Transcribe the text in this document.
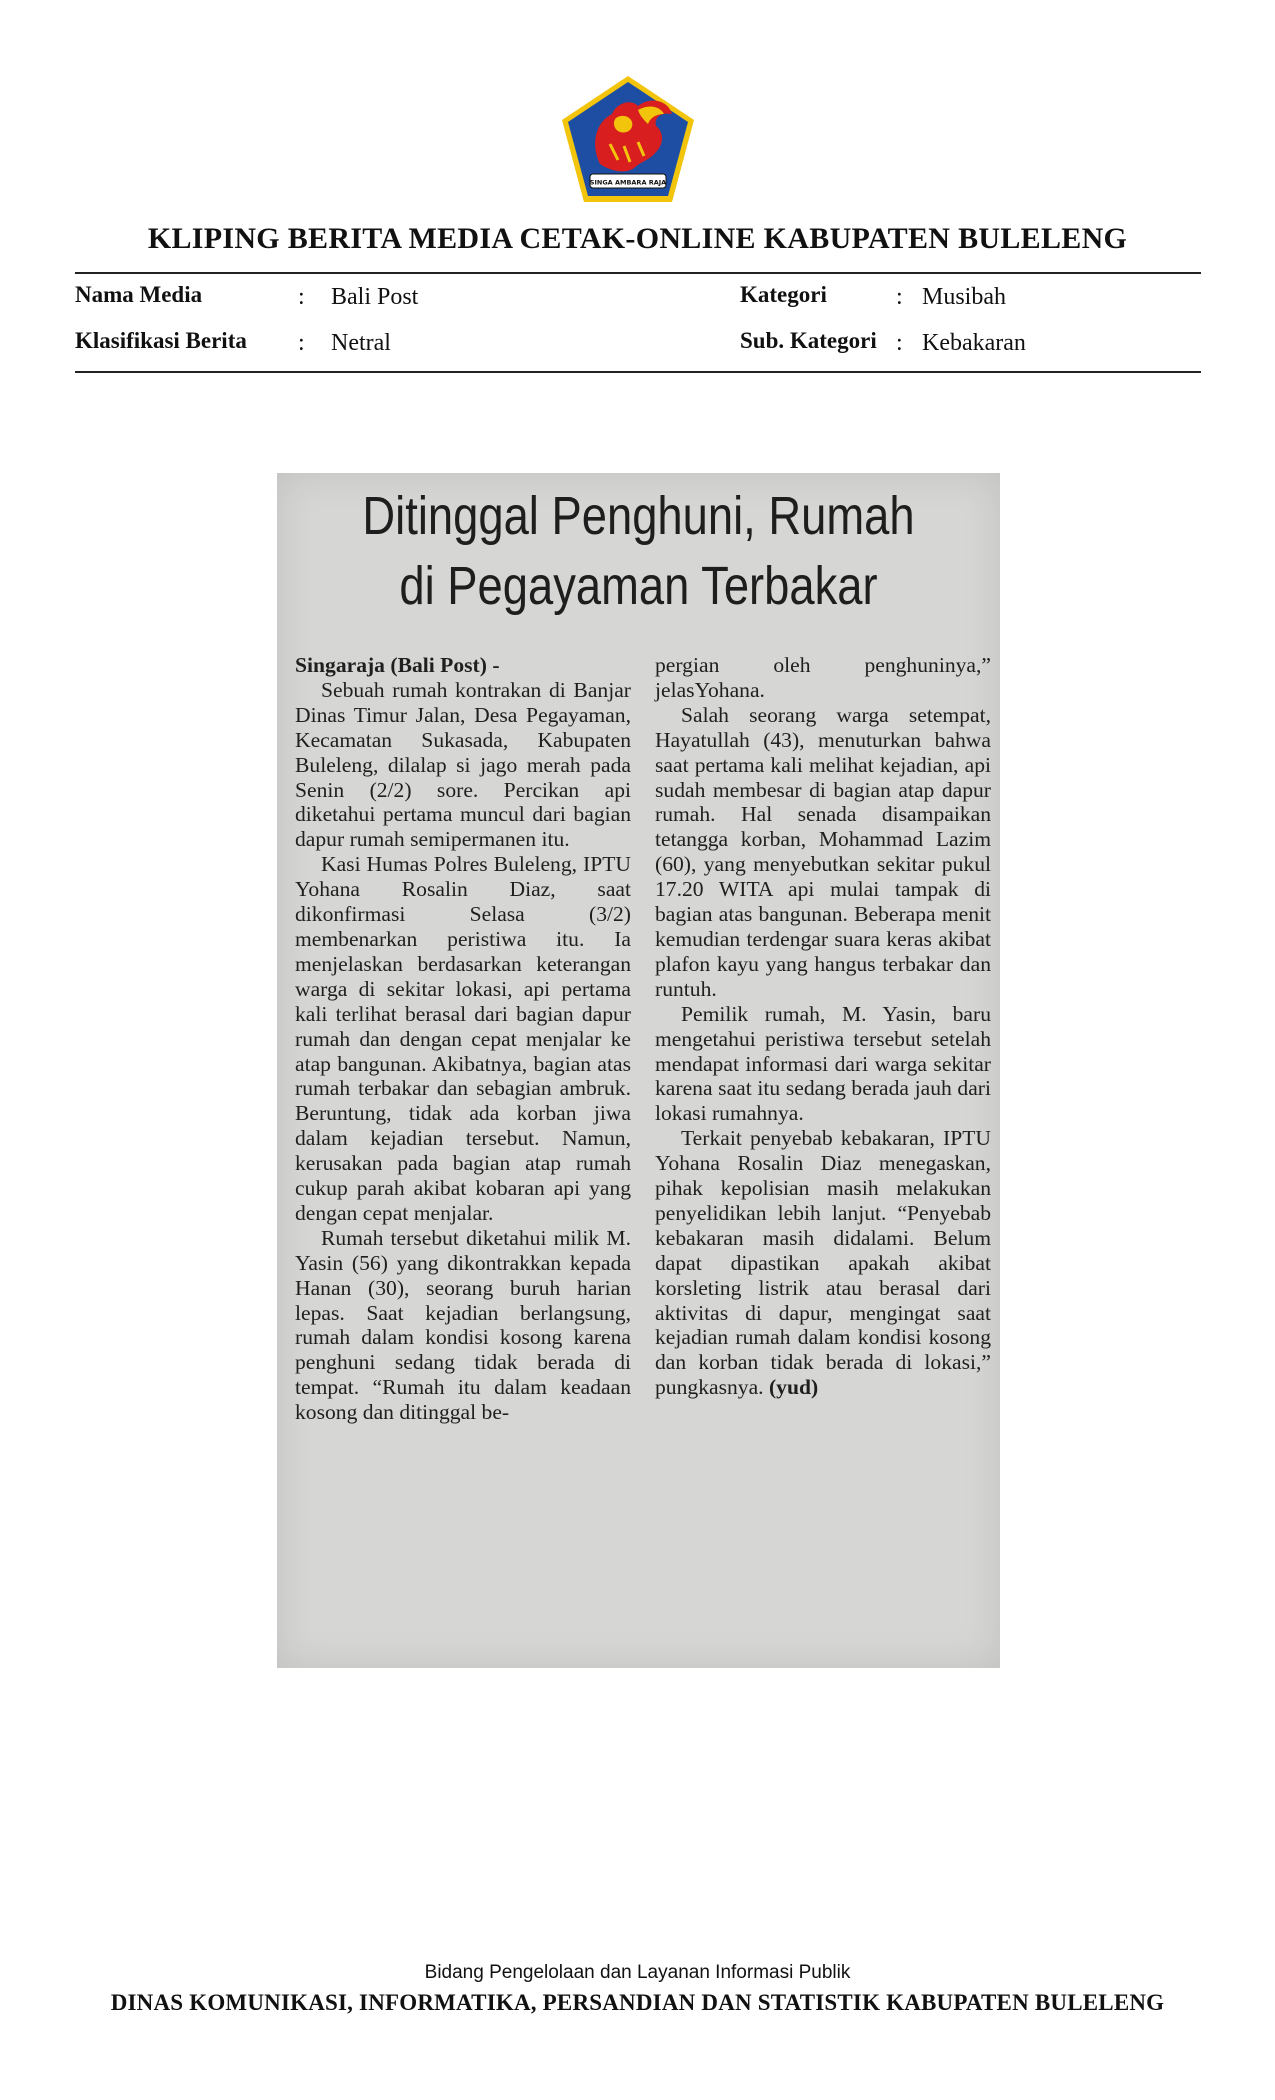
SINGA AMBARA RAJA
KLIPING BERITA MEDIA CETAK-ONLINE KABUPATEN BULELENG
Nama Media	: Bali Post	Kategori	: Musibah
Klasifikasi Berita : Netral	Sub. Kategori : Kebakaran
Ditinggal Penghuni, Rumah
di Pegayaman Terbakar
Singaraja (Bali Post) -

Sebuah rumah kontrakan di Banjar Dinas Timur Jalan, Desa Pegayaman, Kecamatan Sukasada, Kabupaten Buleleng, dilalap si jago merah pada Senin (2/2) sore. Percikan api diketahui pertama muncul dari bagian dapur rumah semipermanen itu.

Kasi Humas Polres Buleleng, IPTU Yohana Rosalin Diaz, saat dikonfirmasi Selasa (3/2) membenarkan peristiwa itu. Ia menjelaskan berdasarkan keterangan warga di sekitar lokasi, api pertama kali terlihat berasal dari bagian dapur rumah dan dengan cepat menjalar ke atap bangunan. Akibatnya, bagian atas rumah terbakar dan sebagian ambruk. Beruntung, tidak ada korban jiwa dalam kejadian tersebut. Namun, kerusakan pada bagian atap rumah cukup parah akibat kobaran api yang dengan cepat menjalar.

Rumah tersebut diketahui milik M. Yasin (56) yang dikontrakkan kepada Hanan (30), seorang buruh harian lepas. Saat kejadian berlangsung, rumah dalam kondisi kosong karena penghuni sedang tidak berada di tempat. “Rumah itu dalam keadaan kosong dan ditinggal be-

pergian oleh penghuninya,” jelasYohana.

Salah seorang warga setempat, Hayatullah (43), menuturkan bahwa saat pertama kali melihat kejadian, api sudah membesar di bagian atap dapur rumah. Hal senada disampaikan tetangga korban, Mohammad Lazim (60), yang menyebutkan sekitar pukul 17.20 WITA api mulai tampak di bagian atas bangunan. Beberapa menit kemudian terdengar suara keras akibat plafon kayu yang hangus terbakar dan runtuh.

Pemilik rumah, M. Yasin, baru mengetahui peristiwa tersebut setelah mendapat informasi dari warga sekitar karena saat itu sedang berada jauh dari lokasi rumahnya.

Terkait penyebab kebakaran, IPTU Yohana Rosalin Diaz menegaskan, pihak kepolisian masih melakukan penyelidikan lebih lanjut. “Penyebab kebakaran masih didalami. Belum dapat dipastikan apakah akibat korsleting listrik atau berasal dari aktivitas di dapur, mengingat saat kejadian rumah dalam kondisi kosong dan korban tidak berada di lokasi,” pungkasnya. (yud)

Bidang Pengelolaan dan Layanan Informasi Publik
DINAS KOMUNIKASI, INFORMATIKA, PERSANDIAN DAN STATISTIK KABUPATEN BULELENG
